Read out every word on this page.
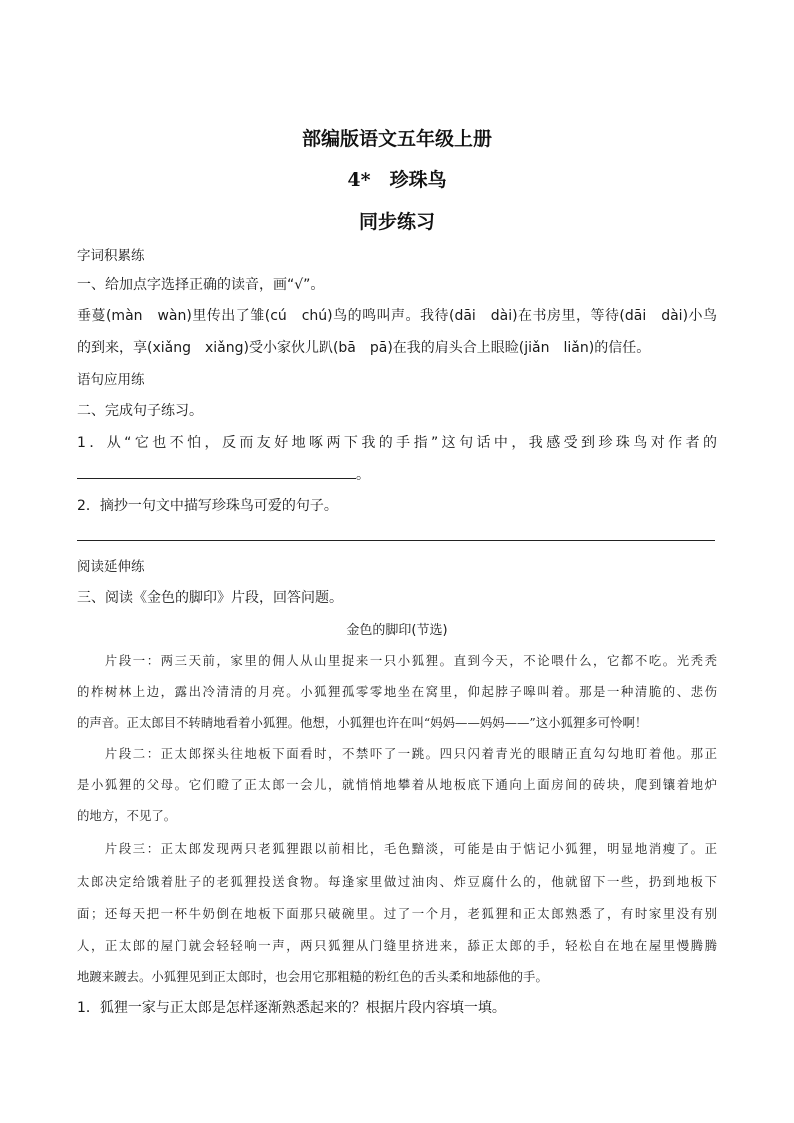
部编版语文五年级上册
4*　珍珠鸟
同步练习
字词积累练
一、给加点字选择正确的读音，画“√”。
垂蔓(màn　wàn)里传出了雏(cú　chú)鸟的鸣叫声。我待(dāi　dài)在书房里，等待(dāi　dài)小鸟
的到来，享(xiǎng　xiǎng)受小家伙儿趴(bā　pā)在我的肩头合上眼睑(jiǎn　liǎn)的信任。
语句应用练
二、完成句子练习。
1．从“它也不怕，反而友好地啄两下我的手指”这句话中，我感受到珍珠鸟对作者的
。
2．摘抄一句文中描写珍珠鸟可爱的句子。
阅读延伸练
三、阅读《金色的脚印》片段，回答问题。
金色的脚印(节选)
　　片段一：两三天前，家里的佣人从山里捉来一只小狐狸。直到今天，不论喂什么，它都不吃。光秃秃
的柞树林上边，露出冷清清的月亮。小狐狸孤零零地坐在窝里，仰起脖子嗥叫着。那是一种清脆的、悲伤
的声音。正太郎目不转睛地看着小狐狸。他想，小狐狸也许在叫“妈妈——妈妈——”这小狐狸多可怜啊！
　　片段二：正太郎探头往地板下面看时，不禁吓了一跳。四只闪着青光的眼睛正直勾勾地盯着他。那正
是小狐狸的父母。它们瞪了正太郎一会儿，就悄悄地攀着从地板底下通向上面房间的砖块，爬到镶着地炉
的地方，不见了。
　　片段三：正太郎发现两只老狐狸跟以前相比，毛色黯淡，可能是由于惦记小狐狸，明显地消瘦了。正
太郎决定给饿着肚子的老狐狸投送食物。每逢家里做过油肉、炸豆腐什么的，他就留下一些，扔到地板下
面；还每天把一杯牛奶倒在地板下面那只破碗里。过了一个月，老狐狸和正太郎熟悉了，有时家里没有别
人，正太郎的屋门就会轻轻响一声，两只狐狸从门缝里挤进来，舔正太郎的手，轻松自在地在屋里慢腾腾
地踱来踱去。小狐狸见到正太郎时，也会用它那粗糙的粉红色的舌头柔和地舔他的手。
1．狐狸一家与正太郎是怎样逐渐熟悉起来的？根据片段内容填一填。
